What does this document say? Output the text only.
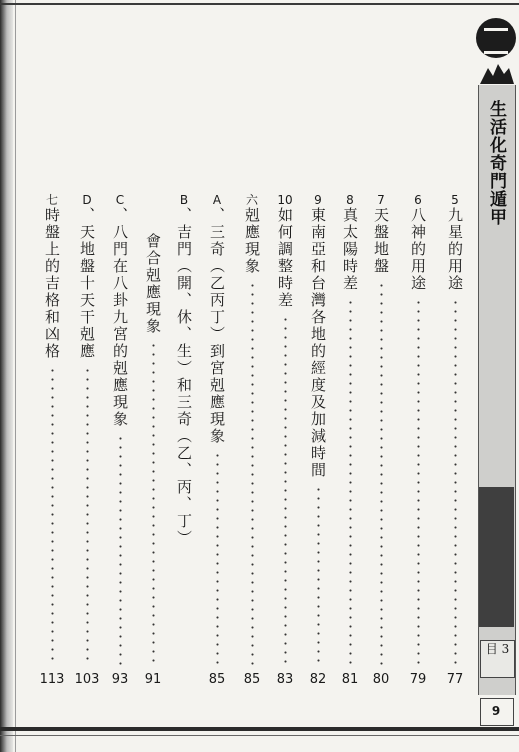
5
九星的用途
77
6
八神的用途
79
7
天盤地盤
80
8
真太陽時差
81
9
東南亞和台灣各地的經度及加減時間
82
10
如何調整時差
83
六
剋應現象
85
A
、三奇（乙丙丁）到宮剋應現象
85
B
、吉門（開、休、生）和三奇（乙、丙、丁）
會合剋應現象
91
C
、八門在八卦九宮的剋應現象
93
D
、天地盤十天干剋應
103
七
時盤上的吉格和凶格
113
生活化奇門遁甲
目 3
9
